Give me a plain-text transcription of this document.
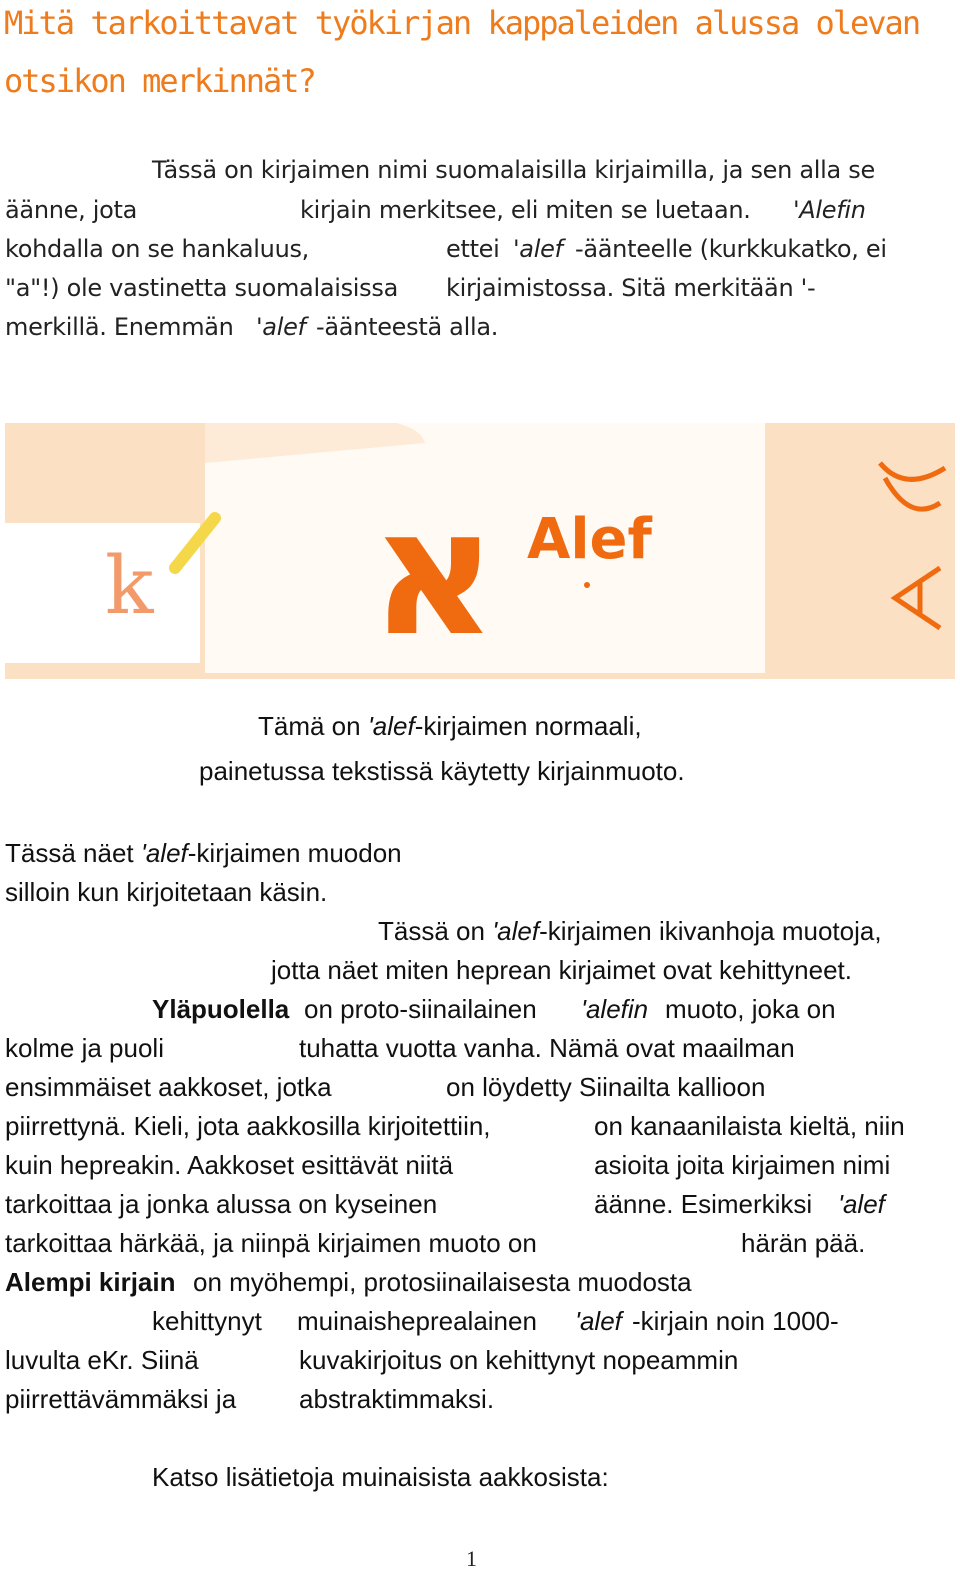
Mitä tarkoittavat työkirjan kappaleiden alussa olevan
otsikon merkinnät?
Tässä on kirjaimen nimi suomalaisilla kirjaimilla, ja sen alla se
äänne, jota	kirjain merkitsee, eli miten se luetaan. 'Alefin
kohdalla on se hankaluus,	ettei 'alef -äänteelle (kurkkukatko, ei
"a"!) ole vastinetta suomalaisissa kirjaimistossa. Sitä merkitään '-
merkillä. Enemmän 'alef -äänteestä alla.
k א Alef
Tämä on 'alef-kirjaimen normaali,
painetussa tekstissä käytetty kirjainmuoto.
Tässä näet 'alef-kirjaimen muodon
silloin kun kirjoitetaan käsin.
Tässä on 'alef-kirjaimen ikivanhoja muotoja,
jotta näet miten heprean kirjaimet ovat kehittyneet.
Yläpuolella on proto-siinailainen 'alefin muoto, joka on
kolme ja puoli	tuhatta vuotta vanha. Nämä ovat maailman
ensimmäiset aakkoset, jotka	on löydetty Siinailta kallioon
piirrettynä. Kieli, jota aakkosilla kirjoitettiin,	on kanaanilaista kieltä, niin
kuin hepreakin. Aakkoset esittävät niitä	asioita joita kirjaimen nimi
tarkoittaa ja jonka alussa on kyseinen	äänne. Esimerkiksi 'alef
tarkoittaa härkää, ja niinpä kirjaimen muoto on	härän pää.
Alempi kirjain on myöhempi, protosiinailaisesta muodosta
kehittynyt muinaisheprealainen 'alef -kirjain noin 1000-
luvulta eKr. Siinä	kuvakirjoitus on kehittynyt nopeammin
piirrettävämmäksi ja abstraktimmaksi.
Katso lisätietoja muinaisista aakkosista:
1
